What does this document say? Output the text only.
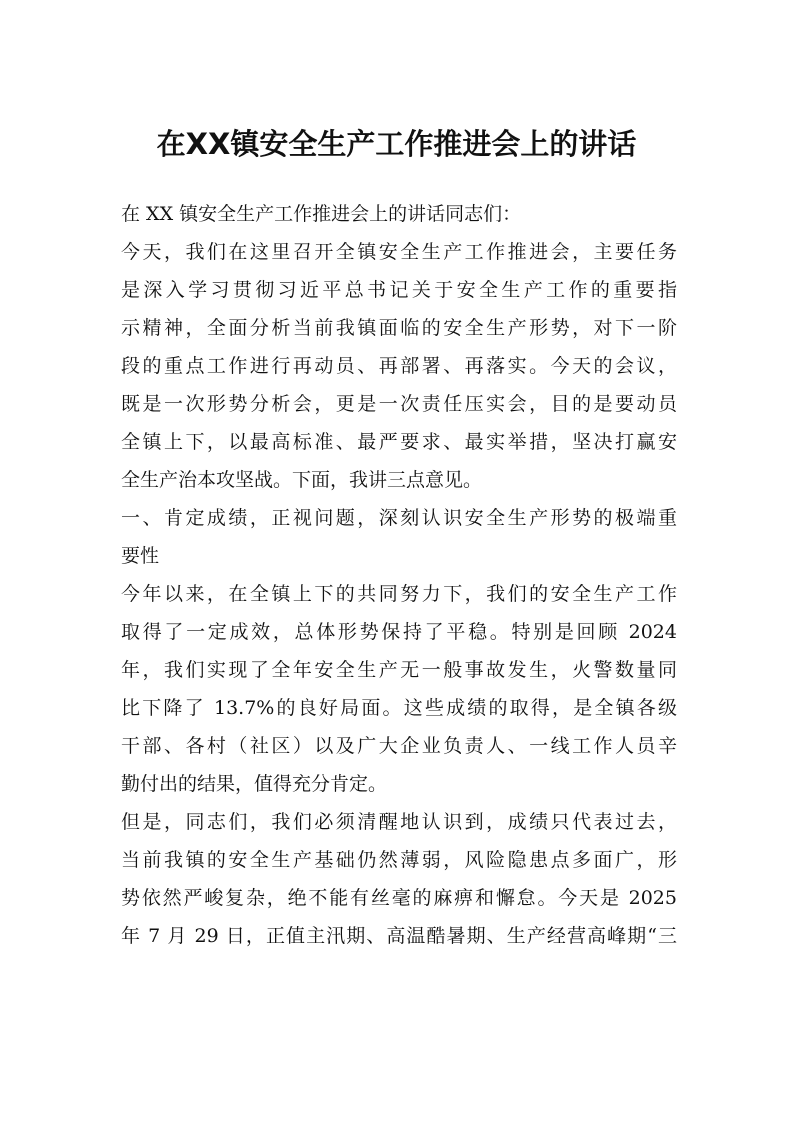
在XX镇安全生产工作推进会上的讲话
在 XX 镇安全生产工作推进会上的讲话同志们：
今天，我们在这里召开全镇安全生产工作推进会，主要任务
是深入学习贯彻习近平总书记关于安全生产工作的重要指
示精神，全面分析当前我镇面临的安全生产形势，对下一阶
段的重点工作进行再动员、再部署、再落实。今天的会议，
既是一次形势分析会，更是一次责任压实会，目的是要动员
全镇上下，以最高标准、最严要求、最实举措，坚决打赢安
全生产治本攻坚战。下面，我讲三点意见。
一、肯定成绩，正视问题，深刻认识安全生产形势的极端重
要性
今年以来，在全镇上下的共同努力下，我们的安全生产工作
取得了一定成效，总体形势保持了平稳。特别是回顾 2024
年，我们实现了全年安全生产无一般事故发生，火警数量同
比下降了 13.7%的良好局面。这些成绩的取得，是全镇各级
干部、各村（社区）以及广大企业负责人、一线工作人员辛
勤付出的结果，值得充分肯定。
但是，同志们，我们必须清醒地认识到，成绩只代表过去，
当前我镇的安全生产基础仍然薄弱，风险隐患点多面广，形
势依然严峻复杂，绝不能有丝毫的麻痹和懈怠。今天是 2025
年 7 月 29 日，正值主汛期、高温酷暑期、生产经营高峰期“三
